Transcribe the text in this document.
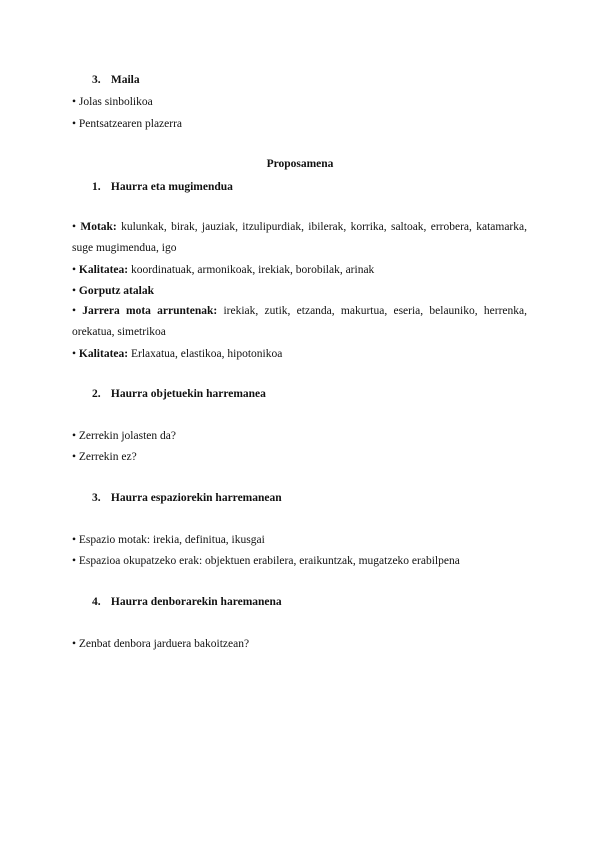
3. Maila
• Jolas sinbolikoa
• Pentsatzearen plazerra
Proposamena
1. Haurra eta mugimendua
• Motak: kulunkak, birak, jauziak, itzulipurdiak, ibilerak, korrika, saltoak, errobera, katamarka, suge mugimendua, igo
• Kalitatea: koordinatuak, armonikoak, irekiak, borobilak, arinak
• Gorputz atalak
• Jarrera mota arruntenak: irekiak, zutik, etzanda, makurtua, eseria, belauniko, herrenka, orekatua, simetrikoa
• Kalitatea: Erlaxatua, elastikoa, hipotonikoa
2. Haurra objetuekin harremanea
• Zerrekin jolasten da?
• Zerrekin ez?
3. Haurra espaziorekin harremanean
• Espazio motak: irekia, definitua, ikusgai
• Espazioa okupatzeko erak: objektuen erabilera, eraikuntzak, mugatzeko erabilpena
4. Haurra denborarekin haremanena
• Zenbat denbora jarduera bakoitzean?
